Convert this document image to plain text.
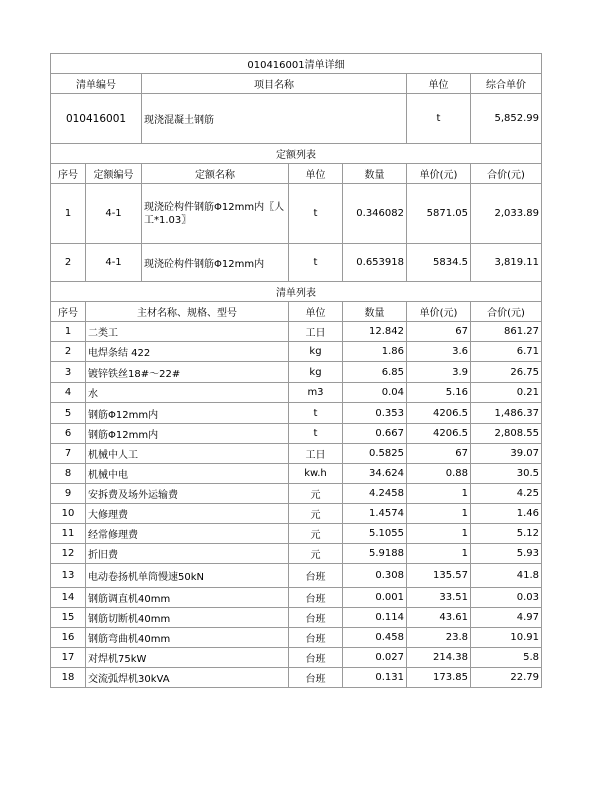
010416001清单详细						
清单编号		项目名称			单位	综合单价
010416001		现浇混凝土钢筋			t	5,852.99
定额列表						
序号	定额编号	定额名称	单位	数量	单价(元)	合价(元)
1	4-1	现浇砼构件钢筋Φ12mm内〖人工*1.03〗	t	0.346082	5871.05	2,033.89
2	4-1	现浇砼构件钢筋Φ12mm内	t	0.653918	5834.5	3,819.11
清单列表						
序号	主材名称、规格、型号		单位	数量	单价(元)	合价(元)
1	二类工		工日	12.842	67	861.27
2	电焊条结 422		kg	1.86	3.6	6.71
3	镀锌铁丝18#～22#		kg	6.85	3.9	26.75
4	水		m3	0.04	5.16	0.21
5	钢筋Φ12mm内		t	0.353	4206.5	1,486.37
6	钢筋Φ12mm内		t	0.667	4206.5	2,808.55
7	机械中人工		工日	0.5825	67	39.07
8	机械中电		kw.h	34.624	0.88	30.5
9	安拆费及场外运输费		元	4.2458	1	4.25
10	大修理费		元	1.4574	1	1.46
11	经常修理费		元	5.1055	1	5.12
12	折旧费		元	5.9188	1	5.93
13	电动卷扬机单筒慢速50kN		台班	0.308	135.57	41.8
14	钢筋调直机40mm		台班	0.001	33.51	0.03
15	钢筋切断机40mm		台班	0.114	43.61	4.97
16	钢筋弯曲机40mm		台班	0.458	23.8	10.91
17	对焊机75kW		台班	0.027	214.38	5.8
18	交流弧焊机30kVA		台班	0.131	173.85	22.79
